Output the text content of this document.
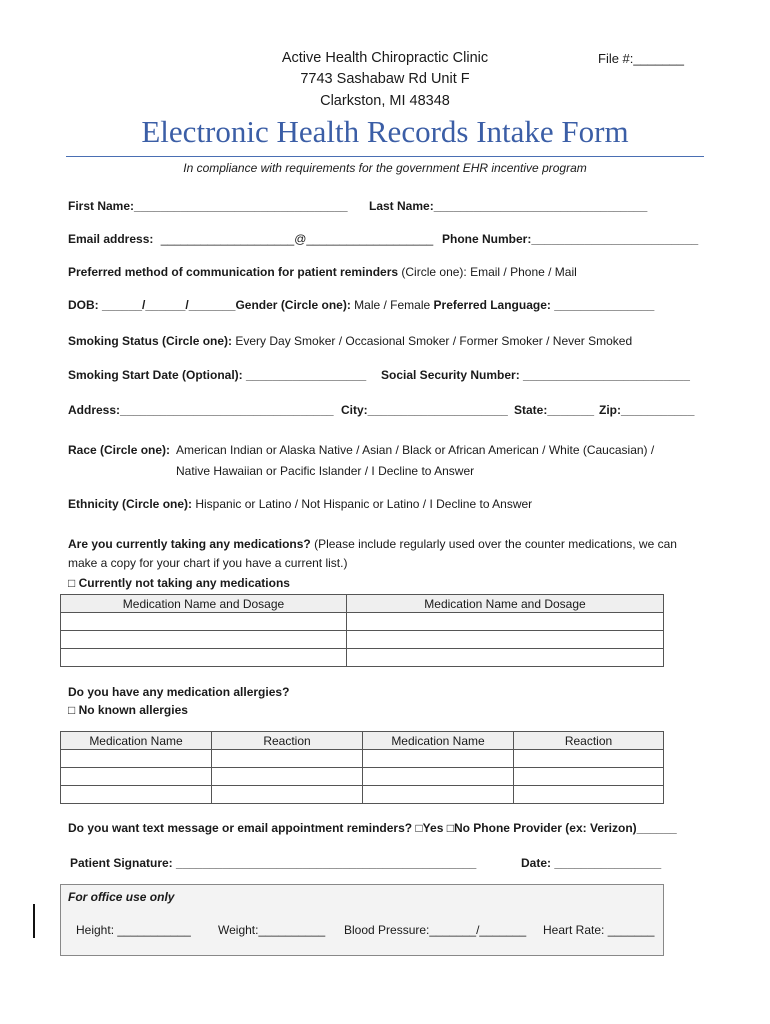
Active Health Chiropractic Clinic
7743 Sashabaw Rd Unit F
Clarkston, MI 48348
File #:_______
Electronic Health Records Intake Form
In compliance with requirements for the government EHR incentive program
First Name:________________________________ Last Name:________________________________
Email address: ____________________@___________________ Phone Number:_________________________
Preferred method of communication for patient reminders (Circle one): Email / Phone / Mail
DOB: ______/______/_______Gender (Circle one): Male / Female Preferred Language: _______________
Smoking Status (Circle one): Every Day Smoker / Occasional Smoker / Former Smoker / Never Smoked
Smoking Start Date (Optional): __________________ Social Security Number: _________________________
Address:________________________________ City:_____________________ State:_______ Zip:___________
Race (Circle one): American Indian or Alaska Native / Asian / Black or African American / White (Caucasian) /
Native Hawaiian or Pacific Islander / I Decline to Answer
Ethnicity (Circle one): Hispanic or Latino / Not Hispanic or Latino / I Decline to Answer
Are you currently taking any medications? (Please include regularly used over the counter medications, we can
make a copy for your chart if you have a current list.)
□ Currently not taking any medications
Medication Name and Dosage	Medication Name and Dosage

Do you have any medication allergies?
□ No known allergies
Medication Name	Reaction	Medication Name	Reaction

Do you want text message or email appointment reminders? □Yes □No Phone Provider (ex: Verizon)______
Patient Signature: _____________________________________________	Date: ________________
For office use only
Height: ___________ Weight:__________ Blood Pressure:_______/_______ Heart Rate: _______
